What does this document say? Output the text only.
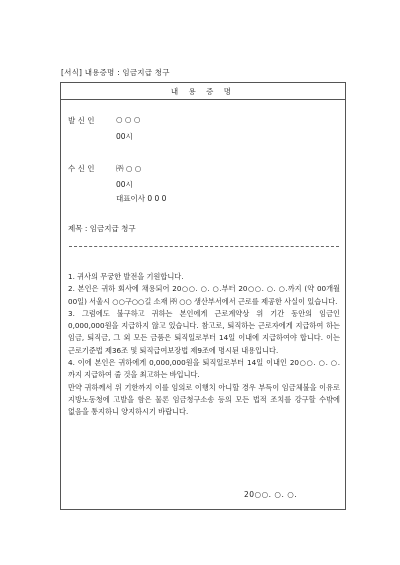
[서식] 내용증명 : 임금지급 청구
내 용 증 명
발 신 인	○ ○ ○
00시
수 신 인	㈜ ○ ○
00시
대표이사 0 0 0
제목 : 임금지급 청구

1. 귀사의 무궁한 발전을 기원합니다.

2. 본인은 귀하 회사에 채용되어 20○○. ○. ○.부터 20○○. ○. ○.까지 (약 00개월 00일) 서울시 ○○구○○길 소재 ㈜ ○○ 생산부서에서 근로를 제공한 사실이 있습니다.

3. 그럼에도 불구하고 귀하는 본인에게 근로계약상 위 기간 동안의 임금인 0,000,000원을 지급하지 않고 있습니다. 참고로, 퇴직하는 근로자에게 지급하여 하는 임금, 퇴직금, 그 외 모든 금품은 퇴직일로부터 14일 이내에 지급하여야 합니다. 이는 근로기준법 제36조 및 퇴직급여보장법 제9조에 명시된 내용입니다.

4. 이에 본인은 귀하에게 0,000,000원을 퇴직일로부터 14일 이내인 20○○. ○. ○.까지 지급하여 줄 것을 최고하는 바입니다.

만약 귀하께서 위 기한까지 이를 임의로 이행치 아니할 경우 부득이 임금체불을 이유로 지방노동청에 고발을 함은 물론 임금청구소송 등의 모든 법적 조치를 강구할 수밖에 없음을 통지하니 양지하시기 바랍니다.

20○○. ○. ○.
